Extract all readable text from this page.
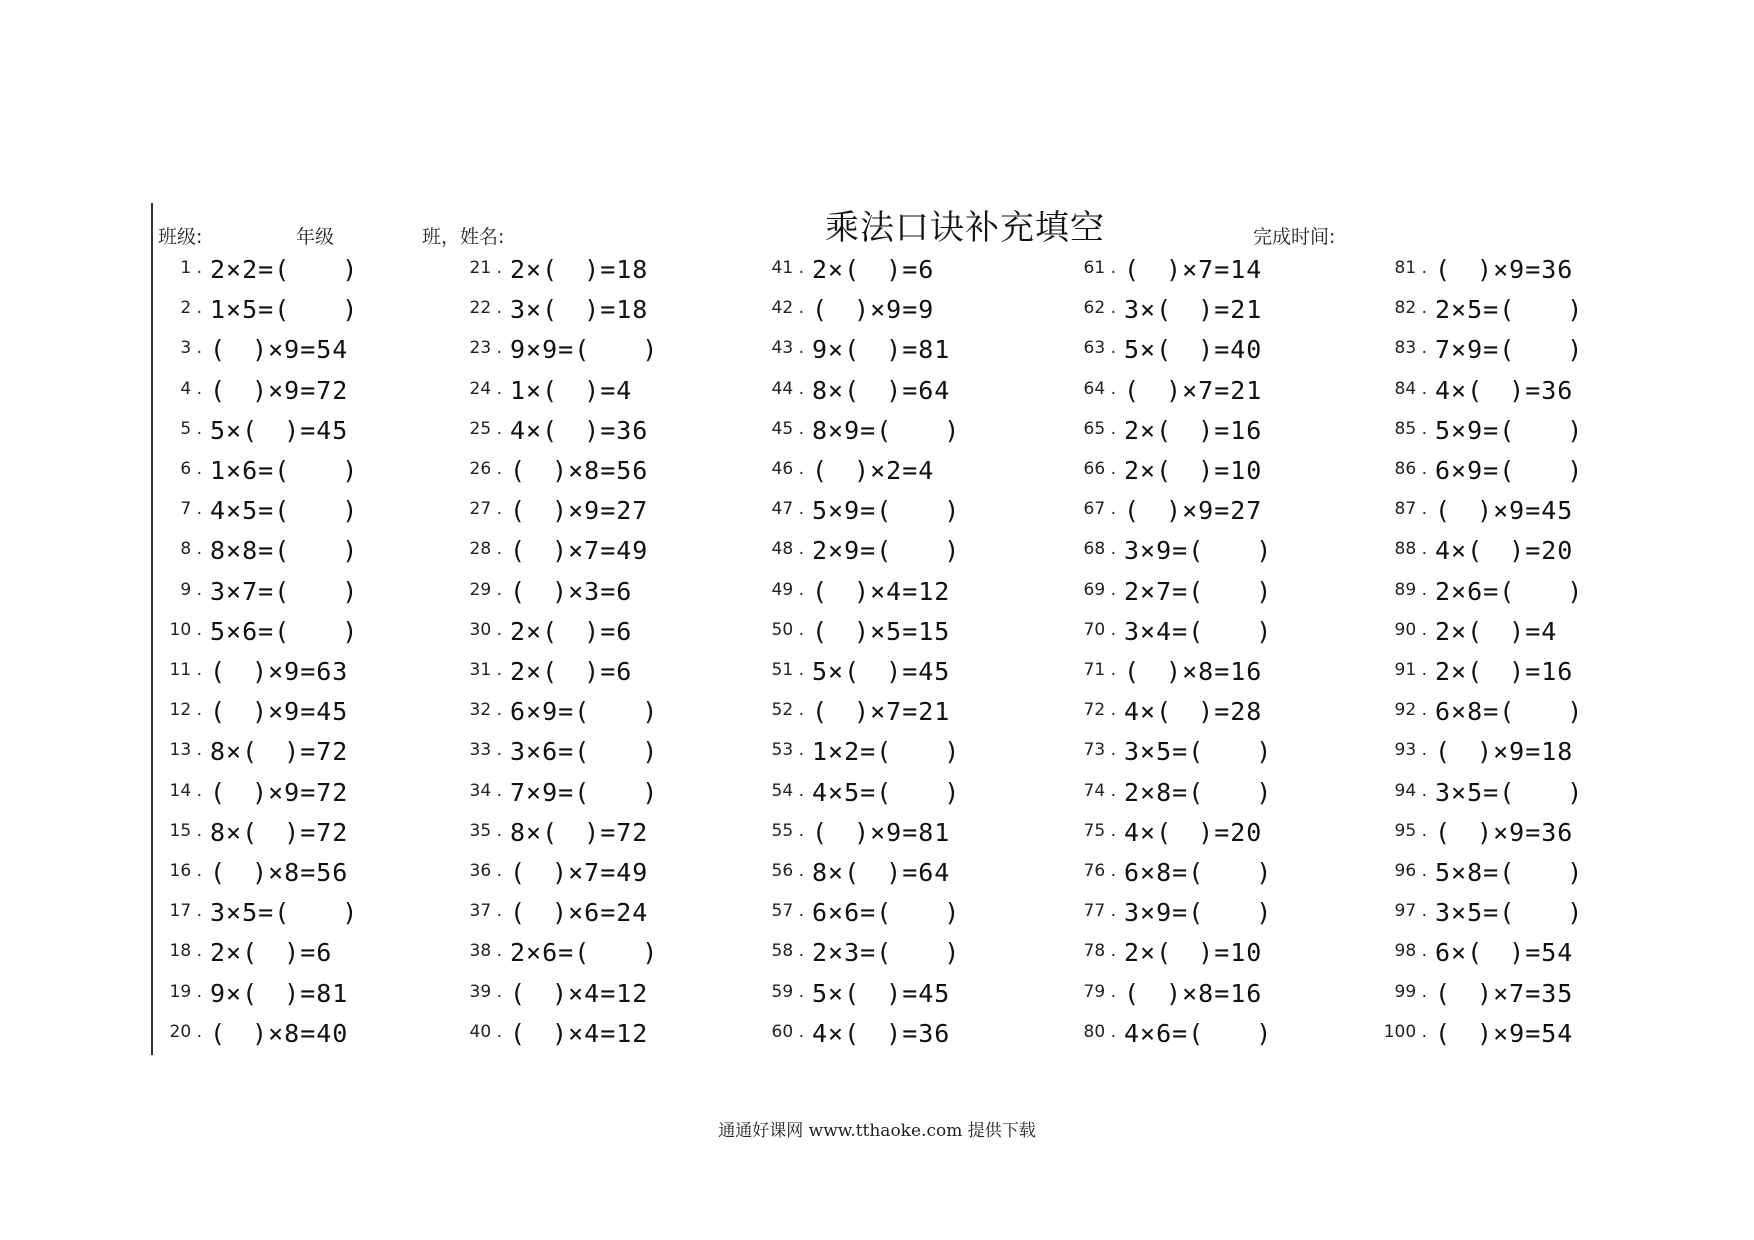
班级:	年级	班，姓名:	乘法口诀补充填空	完成时间:
1 . 2×2=(　　)
2 . 1×5=(　　)
3 . (　)×9=54
4 . (　)×9=72
5 . 5×(　)=45
6 . 1×6=(　　)
7 . 4×5=(　　)
8 . 8×8=(　　)
9 . 3×7=(　　)
10 . 5×6=(　　)
11 . (　)×9=63
12 . (　)×9=45
13 . 8×(　)=72
14 . (　)×9=72
15 . 8×(　)=72
16 . (　)×8=56
17 . 3×5=(　　)
18 . 2×(　)=6
19 . 9×(　)=81
20 . (　)×8=40
21 . 2×(　)=18
22 . 3×(　)=18
23 . 9×9=(　　)
24 . 1×(　)=4
25 . 4×(　)=36
26 . (　)×8=56
27 . (　)×9=27
28 . (　)×7=49
29 . (　)×3=6
30 . 2×(　)=6
31 . 2×(　)=6
32 . 6×9=(　　)
33 . 3×6=(　　)
34 . 7×9=(　　)
35 . 8×(　)=72
36 . (　)×7=49
37 . (　)×6=24
38 . 2×6=(　　)
39 . (　)×4=12
40 . (　)×4=12
41 . 2×(　)=6
42 . (　)×9=9
43 . 9×(　)=81
44 . 8×(　)=64
45 . 8×9=(　　)
46 . (　)×2=4
47 . 5×9=(　　)
48 . 2×9=(　　)
49 . (　)×4=12
50 . (　)×5=15
51 . 5×(　)=45
52 . (　)×7=21
53 . 1×2=(　　)
54 . 4×5=(　　)
55 . (　)×9=81
56 . 8×(　)=64
57 . 6×6=(　　)
58 . 2×3=(　　)
59 . 5×(　)=45
60 . 4×(　)=36
61 . (　)×7=14
62 . 3×(　)=21
63 . 5×(　)=40
64 . (　)×7=21
65 . 2×(　)=16
66 . 2×(　)=10
67 . (　)×9=27
68 . 3×9=(　　)
69 . 2×7=(　　)
70 . 3×4=(　　)
71 . (　)×8=16
72 . 4×(　)=28
73 . 3×5=(　　)
74 . 2×8=(　　)
75 . 4×(　)=20
76 . 6×8=(　　)
77 . 3×9=(　　)
78 . 2×(　)=10
79 . (　)×8=16
80 . 4×6=(　　)
81 . (　)×9=36
82 . 2×5=(　　)
83 . 7×9=(　　)
84 . 4×(　)=36
85 . 5×9=(　　)
86 . 6×9=(　　)
87 . (　)×9=45
88 . 4×(　)=20
89 . 2×6=(　　)
90 . 2×(　)=4
91 . 2×(　)=16
92 . 6×8=(　　)
93 . (　)×9=18
94 . 3×5=(　　)
95 . (　)×9=36
96 . 5×8=(　　)
97 . 3×5=(　　)
98 . 6×(　)=54
99 . (　)×7=35
100 . (　)×9=54
通通好课网 www.tthaoke.com 提供下载
